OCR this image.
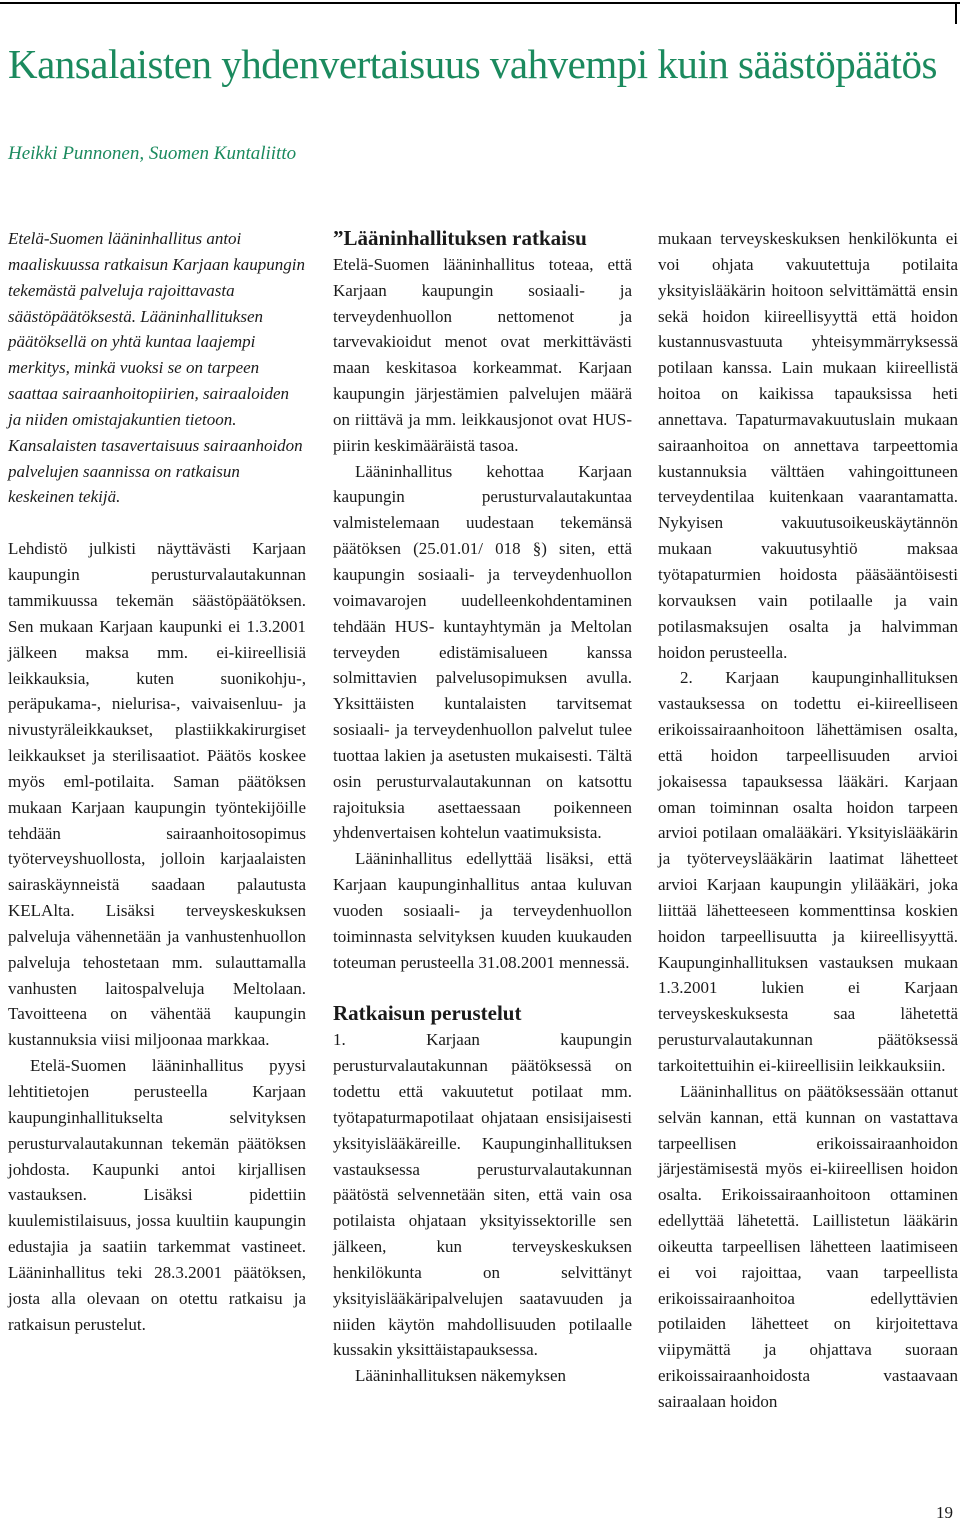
Kansalaisten yhdenvertaisuus vahvempi kuin säästöpäätös

Heikki Punnonen, Suomen Kuntaliitto

Etelä-Suomen lääninhallitus antoi maaliskuussa ratkaisun Karjaan kaupungin tekemästä palveluja rajoittavasta säästöpäätöksestä. Lääninhallituksen päätöksellä on yhtä kuntaa laajempi merkitys, minkä vuoksi se on tarpeen saattaa sairaanhoitopiirien, sairaaloiden ja niiden omistajakuntien tietoon. Kansalaisten tasavertaisuus sairaanhoidon palvelujen saannissa on ratkaisun keskeinen tekijä.

Lehdistö julkisti näyttävästi Karjaan kaupungin perusturvalautakunnan tammikuussa tekemän säästöpäätöksen. Sen mukaan Karjaan kaupunki ei 1.3.2001 jälkeen maksa mm. ei-kiireellisiä leikkauksia, kuten suonikohju-, peräpukama-, nielurisa-, vaivaisenluu- ja nivustyräleikkaukset, plastiikkakirurgiset leikkaukset ja sterilisaatiot. Päätös koskee myös eml-potilaita. Saman päätöksen mukaan Karjaan kaupungin työntekijöille tehdään sairaanhoitosopimus työterveyshuollosta, jolloin karjaalaisten sairaskäynneistä saadaan palautusta KELAlta. Lisäksi terveyskeskuksen palveluja vähennetään ja vanhustenhuollon palveluja tehostetaan mm. sulauttamalla vanhusten laitospalveluja Meltolaan. Tavoitteena on vähentää kaupungin kustannuksia viisi miljoonaa markkaa.

Etelä-Suomen lääninhallitus pyysi lehtitietojen perusteella Karjaan kaupunginhallitukselta selvityksen perusturvalautakunnan tekemän päätöksen johdosta. Kaupunki antoi kirjallisen vastauksen. Lisäksi pidettiin kuulemistilaisuus, jossa kuultiin kaupungin edustajia ja saatiin tarkemmat vastineet. Lääninhallitus teki 28.3.2001 päätöksen, josta alla olevaan on otettu ratkaisu ja ratkaisun perustelut.

”Lääninhallituksen ratkaisu

Etelä-Suomen lääninhallitus toteaa, että Karjaan kaupungin sosiaali- ja terveydenhuollon nettomenot ja tarvevakioidut menot ovat merkittävästi maan keskitasoa korkeammat. Karjaan kaupungin järjestämien palvelujen määrä on riittävä ja mm. leikkausjonot ovat HUS-piirin keskimääräistä tasoa.

Lääninhallitus kehottaa Karjaan kaupungin perusturvalautakuntaa valmistelemaan uudestaan tekemänsä päätöksen (25.01.01/ 018 §) siten, että kaupungin sosiaali- ja terveydenhuollon voimavarojen uudelleenkohdentaminen tehdään HUS- kuntayhtymän ja Meltolan terveyden edistämisalueen kanssa solmittavien palvelusopimuksen avulla. Yksittäisten kuntalaisten tarvitsemat sosiaali- ja terveydenhuollon palvelut tulee tuottaa lakien ja asetusten mukaisesti. Tältä osin perusturvalautakunnan on katsottu rajoituksia asettaessaan poikenneen yhdenvertaisen kohtelun vaatimuksista.

Lääninhallitus edellyttää lisäksi, että Karjaan kaupunginhallitus antaa kuluvan vuoden sosiaali- ja terveydenhuollon toiminnasta selvityksen kuuden kuukauden toteuman perusteella 31.08.2001 mennessä.

Ratkaisun perustelut

1. Karjaan kaupungin perusturvalautakunnan päätöksessä on todettu että vakuutetut potilaat mm. työtapaturmapotilaat ohjataan ensisijaisesti yksityislääkäreille. Kaupunginhallituksen vastauksessa perusturvalautakunnan päätöstä selvennetään siten, että vain osa potilaista ohjataan yksityissektorille sen jälkeen, kun terveyskeskuksen henkilökunta on selvittänyt yksityislääkäripalvelujen saatavuuden ja niiden käytön mahdollisuuden potilaalle kussakin yksittäistapauksessa.

Lääninhallituksen näkemyksen

mukaan terveyskeskuksen henkilökunta ei voi ohjata vakuutettuja potilaita yksityislääkärin hoitoon selvittämättä ensin sekä hoidon kiireellisyyttä että hoidon kustannusvastuuta yhteisymmärryksessä potilaan kanssa. Lain mukaan kiireellistä hoitoa on kaikissa tapauksissa heti annettava. Tapaturmavakuutuslain mukaan sairaanhoitoa on annettava tarpeettomia kustannuksia välttäen vahingoittuneen terveydentilaa kuitenkaan vaarantamatta. Nykyisen vakuutusoikeuskäytännön mukaan vakuutusyhtiö maksaa työtapaturmien hoidosta pääsääntöisesti korvauksen vain potilaalle ja vain potilasmaksujen osalta ja halvimman hoidon perusteella.

2. Karjaan kaupunginhallituksen vastauksessa on todettu ei-kiireelliseen erikoissairaanhoitoon lähettämisen osalta, että hoidon tarpeellisuuden arvioi jokaisessa tapauksessa lääkäri. Karjaan oman toiminnan osalta hoidon tarpeen arvioi potilaan omalääkäri. Yksityislääkärin ja työterveyslääkärin laatimat lähetteet arvioi Karjaan kaupungin ylilääkäri, joka liittää lähetteeseen kommenttinsa koskien hoidon tarpeellisuutta ja kiireellisyyttä. Kaupunginhallituksen vastauksen mukaan 1.3.2001 lukien ei Karjaan terveyskeskuksesta saa lähetettä perusturvalautakunnan päätöksessä tarkoitettuihin ei-kiireellisiin leikkauksiin.

Lääninhallitus on päätöksessään ottanut selvän kannan, että kunnan on vastattava tarpeellisen erikoissairaanhoidon järjestämisestä myös ei-kiireellisen hoidon osalta. Erikoissairaanhoitoon ottaminen edellyttää lähetettä. Laillistetun lääkärin oikeutta tarpeellisen lähetteen laatimiseen ei voi rajoittaa, vaan tarpeellista erikoissairaanhoitoa edellyttävien potilaiden lähetteet on kirjoitettava viipymättä ja ohjattava suoraan erikoissairaanhoidosta vastaavaan sairaalaan hoidon

19
